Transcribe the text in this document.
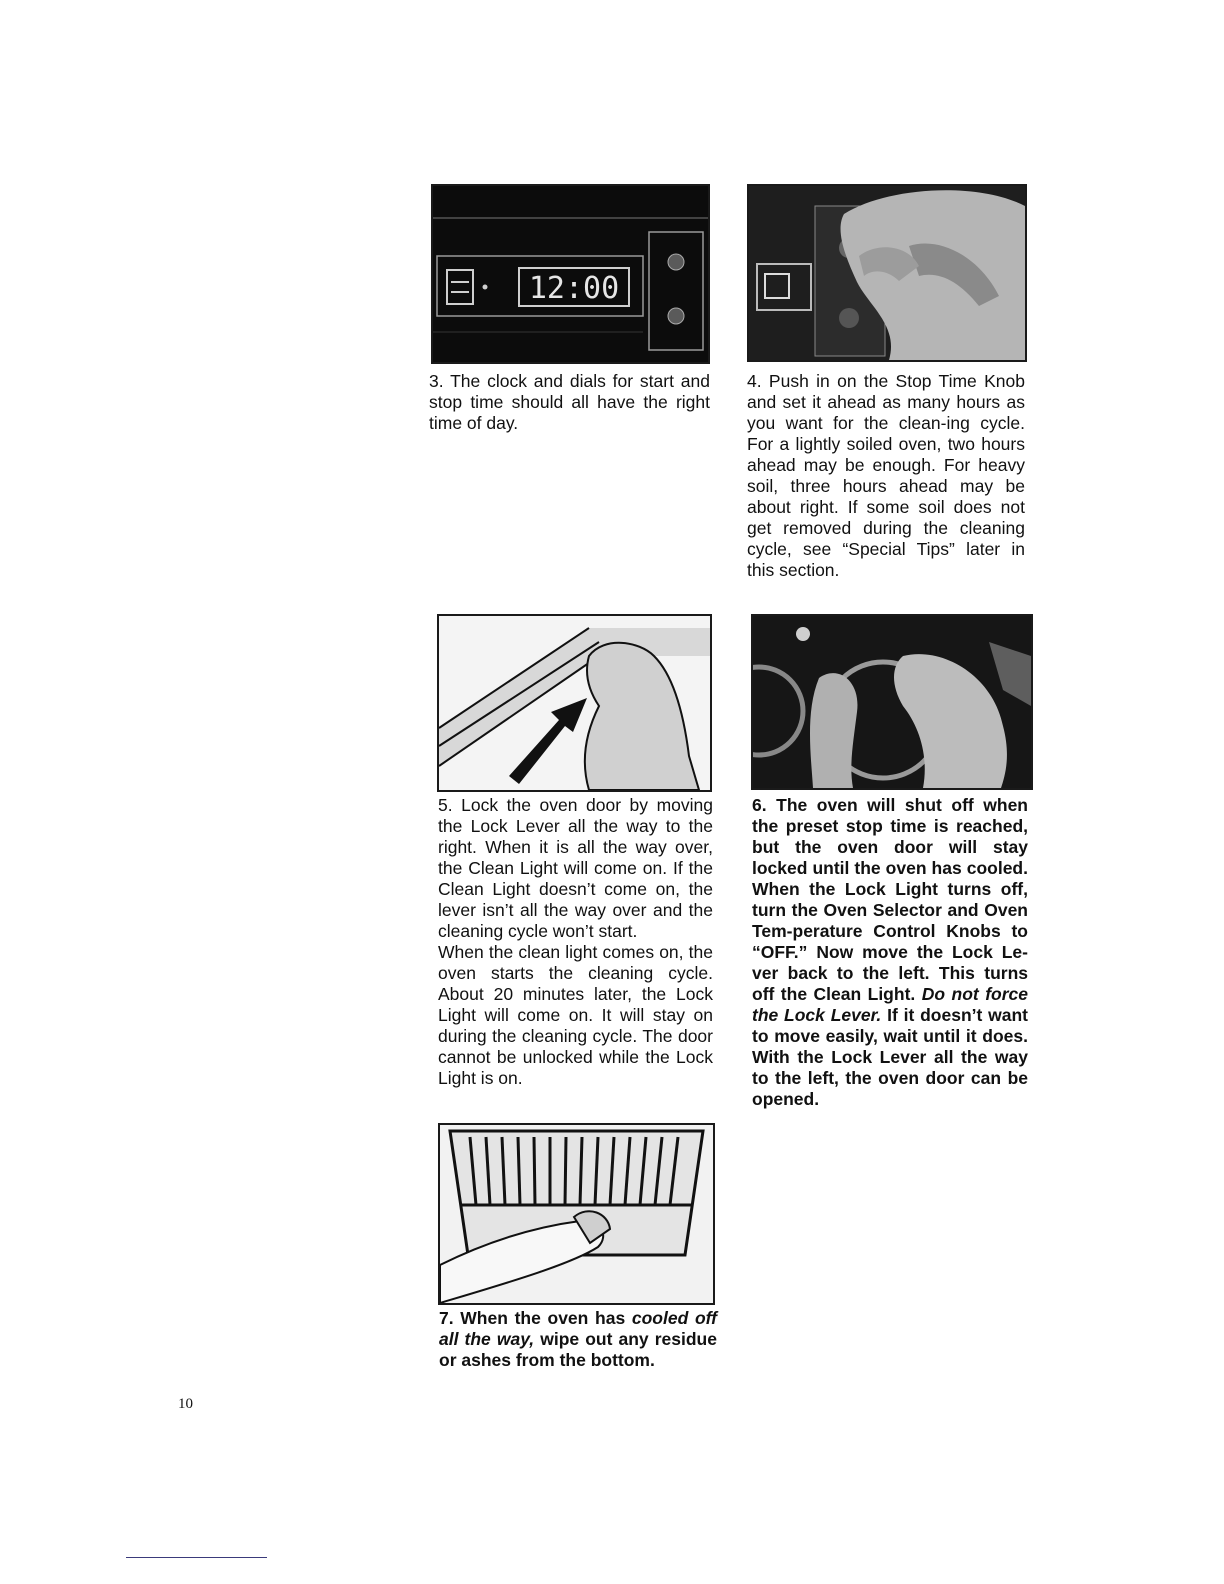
12:00

3. The clock and dials for start and stop time should all have the right time of day.

4. Push in on the Stop Time Knob and set it ahead as many hours as you want for the clean-ing cycle. For a lightly soiled oven, two hours ahead may be enough. For heavy soil, three hours ahead may be about right. If some soil does not get removed during the cleaning cycle, see “Special Tips” later in this section.

5. Lock the oven door by moving the Lock Lever all the way to the right. When it is all the way over, the Clean Light will come on. If the Clean Light doesn’t come on, the lever isn’t all the way over and the cleaning cycle won’t start.

When the clean light comes on, the oven starts the cleaning cycle. About 20 minutes later, the Lock Light will come on. It will stay on during the cleaning cycle. The door cannot be unlocked while the Lock Light is on.

6. The oven will shut off when the preset stop time is reached, but the oven door will stay locked until the oven has cooled. When the Lock Light turns off, turn the Oven Selector and Oven Tem-perature Control Knobs to “OFF.” Now move the Lock Le-ver back to the left. This turns off the Clean Light. Do not force the Lock Lever. If it doesn’t want to move easily, wait until it does. With the Lock Lever all the way to the left, the oven door can be opened.

7. When the oven has cooled off all the way, wipe out any residue or ashes from the bottom.

10
